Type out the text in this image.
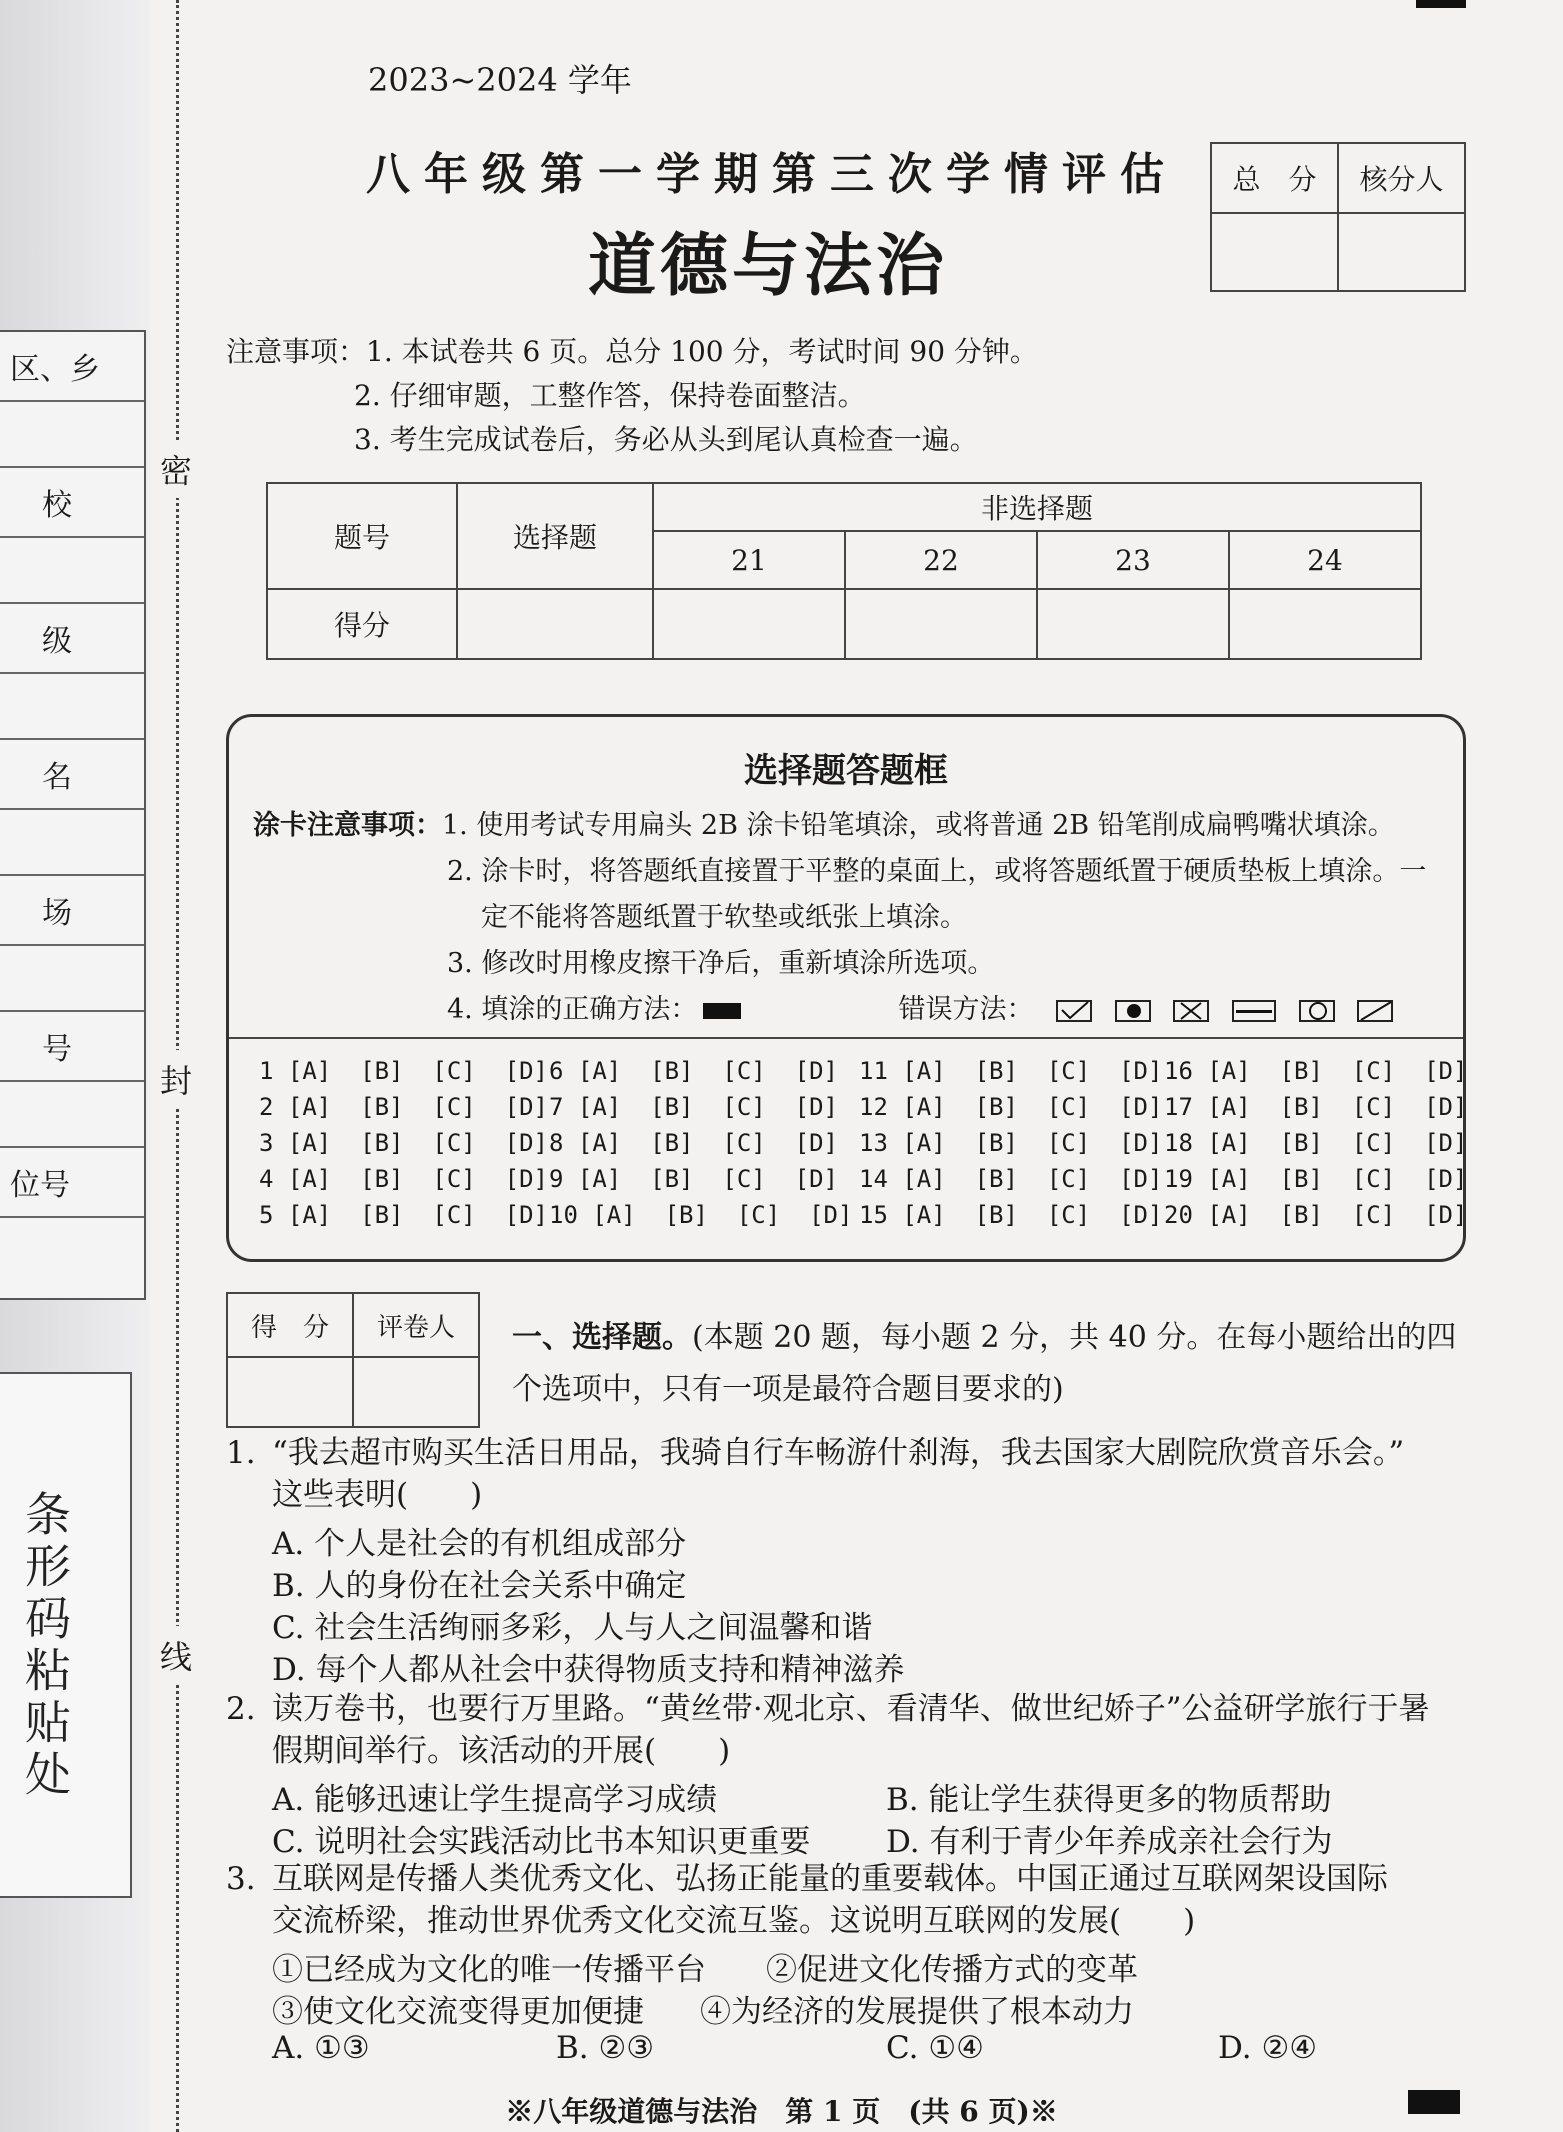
区、乡
校
级
名
场
号
位号
条形码粘贴处
密
封
线
2023~2024 学年
八年级第一学期第三次学情评估
道德与法治
总　分	核分人

注意事项：1. 本试卷共 6 页。总分 100 分，考试时间 90 分钟。
2. 仔细审题，工整作答，保持卷面整洁。
3. 考生完成试卷后，务必从头到尾认真检查一遍。
题号	选择题	非选择题			
		21	22	23	24
得分					
选择题答题框
涂卡注意事项：1. 使用考试专用扁头 2B 涂卡铅笔填涂，或将普通 2B 铅笔削成扁鸭嘴状填涂。
2. 涂卡时，将答题纸直接置于平整的桌面上，或将答题纸置于硬质垫板上填涂。一
定不能将答题纸置于软垫或纸张上填涂。
3. 修改时用橡皮擦干净后，重新填涂所选项。
4. 填涂的正确方法：	错误方法：

1 [A]  [B]  [C]  [D]
2 [A]  [B]  [C]  [D]
3 [A]  [B]  [C]  [D]
4 [A]  [B]  [C]  [D]
5 [A]  [B]  [C]  [D]
6 [A]  [B]  [C]  [D]
7 [A]  [B]  [C]  [D]
8 [A]  [B]  [C]  [D]
9 [A]  [B]  [C]  [D]
10 [A]  [B]  [C]  [D]
11 [A]  [B]  [C]  [D]
12 [A]  [B]  [C]  [D]
13 [A]  [B]  [C]  [D]
14 [A]  [B]  [C]  [D]
15 [A]  [B]  [C]  [D]
16 [A]  [B]  [C]  [D]
17 [A]  [B]  [C]  [D]
18 [A]  [B]  [C]  [D]
19 [A]  [B]  [C]  [D]
20 [A]  [B]  [C]  [D]
得　分	评卷人
	一、选择题。(本题 20 题，每小题 2 分，共 40 分。在每小题给出的四个选项中，只有一项是最符合题目要求的)
1. “我去超市购买生活日用品，我骑自行车畅游什刹海，我去国家大剧院欣赏音乐会。”
这些表明(　　)
A. 个人是社会的有机组成部分
B. 人的身份在社会关系中确定
C. 社会生活绚丽多彩，人与人之间温馨和谐
D. 每个人都从社会中获得物质支持和精神滋养
2. 读万卷书，也要行万里路。“黄丝带·观北京、看清华、做世纪娇子”公益研学旅行于暑
假期间举行。该活动的开展(　　)
A. 能够迅速让学生提高学习成绩	B. 能让学生获得更多的物质帮助
C. 说明社会实践活动比书本知识更重要 D. 有利于青少年养成亲社会行为
3. 互联网是传播人类优秀文化、弘扬正能量的重要载体。中国正通过互联网架设国际
交流桥梁，推动世界优秀文化交流互鉴。这说明互联网的发展(　　)
①已经成为文化的唯一传播平台 ②促进文化传播方式的变革
③使文化交流变得更加便捷 ④为经济的发展提供了根本动力
A. ①③	B. ②③	C. ①④	D. ②④
※八年级道德与法治　第 1 页　(共 6 页)※
